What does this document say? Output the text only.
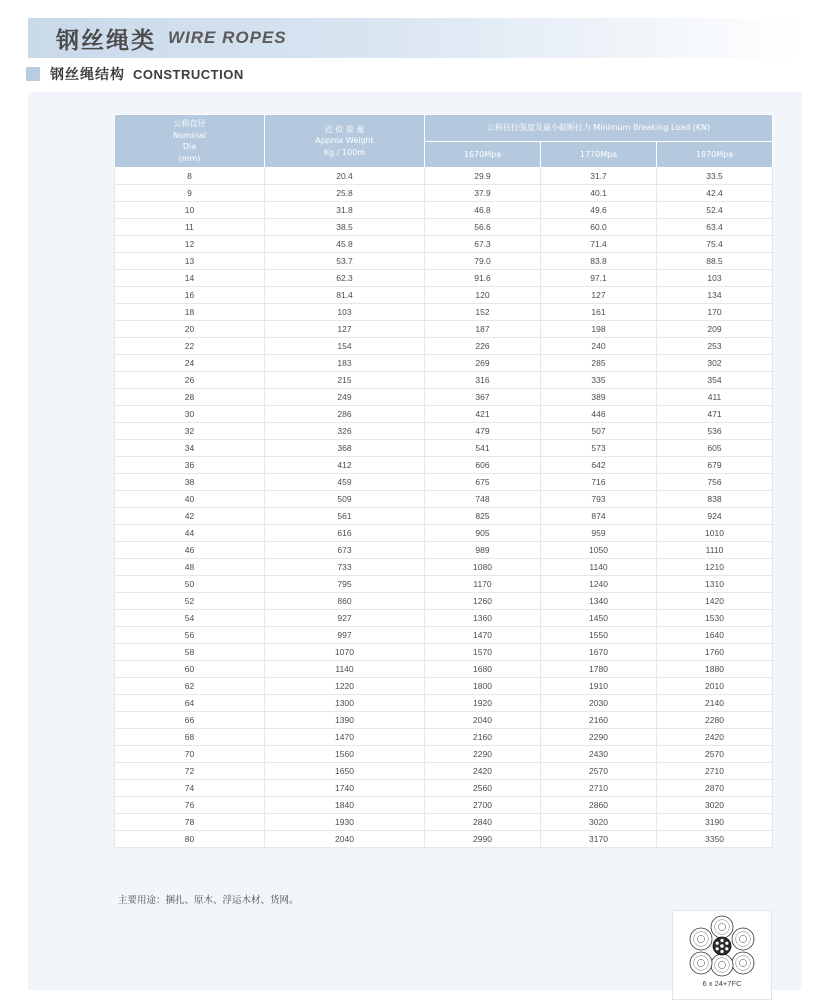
钢丝绳类 WIRE ROPES
钢丝绳结构 CONSTRUCTION
公称直径
Nominal
Dia
(mm)

近 似 重 量
Approx Weight
Kg / 100m
	公称抗拉强度及最小破断拉力 Minimum Breaking Load (KN)
		1670Mpa	1770Mpa	1870Mpa
8	20.4	29.9	31.7	33.5
9	25.8	37.9	40.1	42.4
10	31.8	46.8	49.6	52.4
11	38.5	56.6	60.0	63.4
12	45.8	67.3	71.4	75.4
13	53.7	79.0	83.8	88.5
14	62.3	91.6	97.1	103
16	81.4	120	127	134
18	103	152	161	170
20	127	187	198	209
22	154	226	240	253
24	183	269	285	302
26	215	316	335	354
28	249	367	389	411
30	286	421	446	471
32	326	479	507	536
34	368	541	573	605
36	412	606	642	679
38	459	675	716	756
40	509	748	793	838
42	561	825	874	924
44	616	905	959	1010
46	673	989	1050	1110
48	733	1080	1140	1210
50	795	1170	1240	1310
52	860	1260	1340	1420
54	927	1360	1450	1530
56	997	1470	1550	1640
58	1070	1570	1670	1760
60	1140	1680	1780	1880
62	1220	1800	1910	2010
64	1300	1920	2030	2140
66	1390	2040	2160	2280
68	1470	2160	2290	2420
70	1560	2290	2430	2570
72	1650	2420	2570	2710
74	1740	2560	2710	2870
76	1840	2700	2860	3020
78	1930	2840	3020	3190
80	2040	2990	3170	3350
主要用途：捆扎、原木、浮运木材、货网。
6 x 24+7FC
